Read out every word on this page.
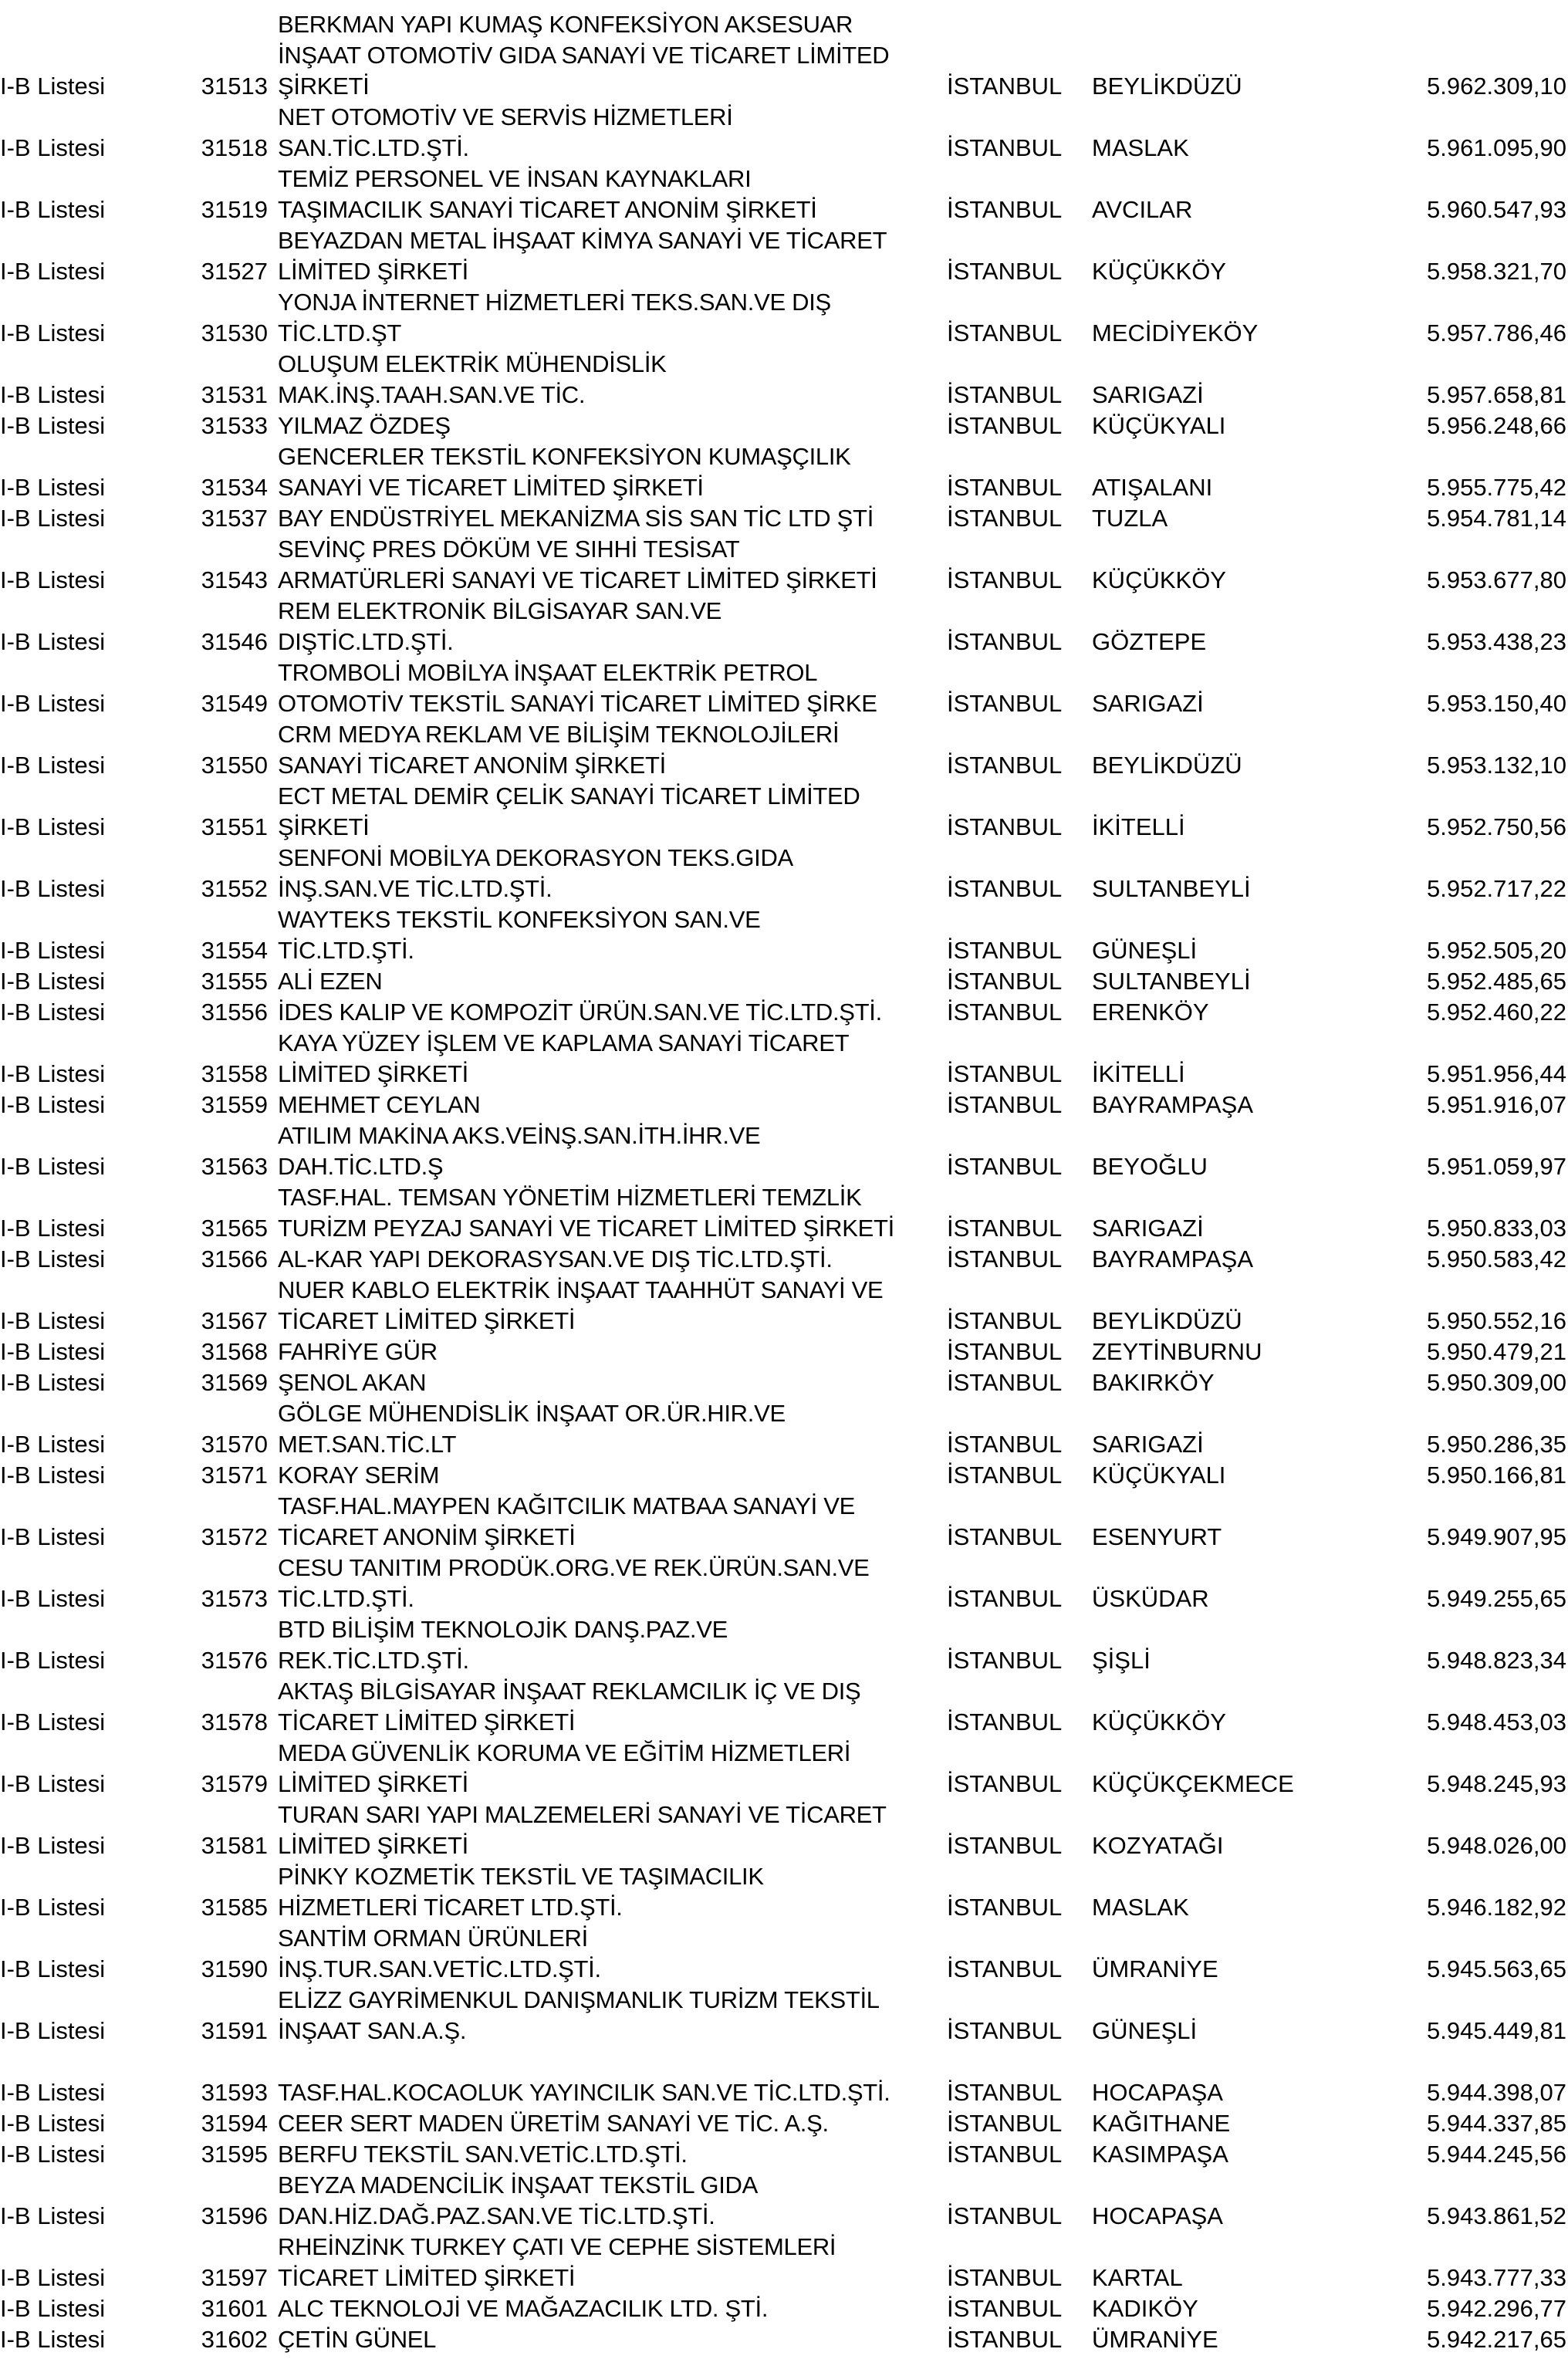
BERKMAN YAPI KUMAŞ KONFEKSİYON AKSESUAR
İNŞAAT OTOMOTİV GIDA SANAYİ VE TİCARET LİMİTED
ŞİRKETİ
I-B Listesi	31513	İSTANBUL BEYLİKDÜZÜ	5.962.309,10
NET OTOMOTİV VE SERVİS HİZMETLERİ
SAN.TİC.LTD.ŞTİ.
I-B Listesi	31518	İSTANBUL MASLAK	5.961.095,90
TEMİZ PERSONEL VE İNSAN KAYNAKLARI
TAŞIMACILIK SANAYİ TİCARET ANONİM ŞİRKETİ
I-B Listesi	31519	İSTANBUL AVCILAR	5.960.547,93
BEYAZDAN METAL İHŞAAT KİMYA SANAYİ VE TİCARET
LİMİTED ŞİRKETİ
I-B Listesi	31527	İSTANBUL KÜÇÜKKÖY	5.958.321,70
YONJA İNTERNET HİZMETLERİ TEKS.SAN.VE DIŞ
TİC.LTD.ŞT
I-B Listesi	31530	İSTANBUL MECİDİYEKÖY	5.957.786,46
OLUŞUM ELEKTRİK MÜHENDİSLİK
MAK.İNŞ.TAAH.SAN.VE TİC.
I-B Listesi	31531	İSTANBUL SARIGAZİ	5.957.658,81
YILMAZ ÖZDEŞ
I-B Listesi	31533	İSTANBUL KÜÇÜKYALI	5.956.248,66
GENCERLER TEKSTİL KONFEKSİYON KUMAŞÇILIK
SANAYİ VE TİCARET LİMİTED ŞİRKETİ
I-B Listesi	31534	İSTANBUL ATIŞALANI	5.955.775,42
BAY ENDÜSTRİYEL MEKANİZMA SİS SAN TİC LTD ŞTİ
I-B Listesi	31537	İSTANBUL TUZLA	5.954.781,14
SEVİNÇ PRES DÖKÜM VE SIHHİ TESİSAT
ARMATÜRLERİ SANAYİ VE TİCARET LİMİTED ŞİRKETİ
I-B Listesi	31543	İSTANBUL KÜÇÜKKÖY	5.953.677,80
REM ELEKTRONİK BİLGİSAYAR SAN.VE
DIŞTİC.LTD.ŞTİ.
I-B Listesi	31546	İSTANBUL GÖZTEPE	5.953.438,23
TROMBOLİ MOBİLYA İNŞAAT ELEKTRİK PETROL
OTOMOTİV TEKSTİL SANAYİ TİCARET LİMİTED ŞİRKE
I-B Listesi	31549	İSTANBUL SARIGAZİ	5.953.150,40
CRM MEDYA REKLAM VE BİLİŞİM TEKNOLOJİLERİ
SANAYİ TİCARET ANONİM ŞİRKETİ
I-B Listesi	31550	İSTANBUL BEYLİKDÜZÜ	5.953.132,10
ECT METAL DEMİR ÇELİK SANAYİ TİCARET LİMİTED
ŞİRKETİ
I-B Listesi	31551	İSTANBUL İKİTELLİ	5.952.750,56
SENFONİ MOBİLYA DEKORASYON TEKS.GIDA
İNŞ.SAN.VE TİC.LTD.ŞTİ.
I-B Listesi	31552	İSTANBUL SULTANBEYLİ	5.952.717,22
WAYTEKS TEKSTİL KONFEKSİYON SAN.VE
TİC.LTD.ŞTİ.
I-B Listesi	31554	İSTANBUL GÜNEŞLİ	5.952.505,20
ALİ EZEN
I-B Listesi	31555	İSTANBUL SULTANBEYLİ	5.952.485,65
İDES KALIP VE KOMPOZİT ÜRÜN.SAN.VE TİC.LTD.ŞTİ.
I-B Listesi	31556	İSTANBUL ERENKÖY	5.952.460,22
KAYA YÜZEY İŞLEM VE KAPLAMA SANAYİ TİCARET
LİMİTED ŞİRKETİ
I-B Listesi	31558	İSTANBUL İKİTELLİ	5.951.956,44
MEHMET CEYLAN
I-B Listesi	31559	İSTANBUL BAYRAMPAŞA	5.951.916,07
ATILIM MAKİNA AKS.VEİNŞ.SAN.İTH.İHR.VE
DAH.TİC.LTD.Ş
I-B Listesi	31563	İSTANBUL BEYOĞLU	5.951.059,97
TASF.HAL. TEMSAN YÖNETİM HİZMETLERİ TEMZLİK
TURİZM PEYZAJ SANAYİ VE TİCARET LİMİTED ŞİRKETİ
I-B Listesi	31565	İSTANBUL SARIGAZİ	5.950.833,03
AL-KAR YAPI DEKORASYSAN.VE DIŞ TİC.LTD.ŞTİ.
I-B Listesi	31566	İSTANBUL BAYRAMPAŞA	5.950.583,42
NUER KABLO ELEKTRİK İNŞAAT TAAHHÜT SANAYİ VE
TİCARET LİMİTED ŞİRKETİ
I-B Listesi	31567	İSTANBUL BEYLİKDÜZÜ	5.950.552,16
FAHRİYE GÜR
I-B Listesi	31568	İSTANBUL ZEYTİNBURNU	5.950.479,21
ŞENOL AKAN
I-B Listesi	31569	İSTANBUL BAKIRKÖY	5.950.309,00
GÖLGE MÜHENDİSLİK İNŞAAT OR.ÜR.HIR.VE
MET.SAN.TİC.LT
I-B Listesi	31570	İSTANBUL SARIGAZİ	5.950.286,35
KORAY SERİM
I-B Listesi	31571	İSTANBUL KÜÇÜKYALI	5.950.166,81
TASF.HAL.MAYPEN KAĞITCILIK MATBAA SANAYİ VE
TİCARET ANONİM ŞİRKETİ
I-B Listesi	31572	İSTANBUL ESENYURT	5.949.907,95
CESU TANITIM PRODÜK.ORG.VE REK.ÜRÜN.SAN.VE
TİC.LTD.ŞTİ.
I-B Listesi	31573	İSTANBUL ÜSKÜDAR	5.949.255,65
BTD BİLİŞİM TEKNOLOJİK DANŞ.PAZ.VE
REK.TİC.LTD.ŞTİ.
I-B Listesi	31576	İSTANBUL ŞİŞLİ	5.948.823,34
AKTAŞ BİLGİSAYAR İNŞAAT REKLAMCILIK İÇ VE DIŞ
TİCARET LİMİTED ŞİRKETİ
I-B Listesi	31578	İSTANBUL KÜÇÜKKÖY	5.948.453,03
MEDA GÜVENLİK KORUMA VE EĞİTİM HİZMETLERİ
LİMİTED ŞİRKETİ
I-B Listesi	31579	İSTANBUL KÜÇÜKÇEKMECE	5.948.245,93
TURAN SARI YAPI MALZEMELERİ SANAYİ VE TİCARET
LİMİTED ŞİRKETİ
I-B Listesi	31581	İSTANBUL KOZYATAĞI	5.948.026,00
PİNKY KOZMETİK TEKSTİL VE TAŞIMACILIK
HİZMETLERİ TİCARET LTD.ŞTİ.
I-B Listesi	31585	İSTANBUL MASLAK	5.946.182,92
SANTİM ORMAN ÜRÜNLERİ
İNŞ.TUR.SAN.VETİC.LTD.ŞTİ.
I-B Listesi	31590	İSTANBUL ÜMRANİYE	5.945.563,65
ELİZZ GAYRİMENKUL DANIŞMANLIK TURİZM TEKSTİL
İNŞAAT SAN.A.Ş.
I-B Listesi	31591	İSTANBUL GÜNEŞLİ	5.945.449,81
TASF.HAL.KOCAOLUK YAYINCILIK SAN.VE TİC.LTD.ŞTİ.
I-B Listesi	31593	İSTANBUL HOCAPAŞA	5.944.398,07
CEER SERT MADEN ÜRETİM SANAYİ VE TİC. A.Ş.
I-B Listesi	31594	İSTANBUL KAĞITHANE	5.944.337,85
BERFU TEKSTİL SAN.VETİC.LTD.ŞTİ.
I-B Listesi	31595	İSTANBUL KASIMPAŞA	5.944.245,56
BEYZA MADENCİLİK İNŞAAT TEKSTİL GIDA
DAN.HİZ.DAĞ.PAZ.SAN.VE TİC.LTD.ŞTİ.
I-B Listesi	31596	İSTANBUL HOCAPAŞA	5.943.861,52
RHEİNZİNK TURKEY ÇATI VE CEPHE SİSTEMLERİ
TİCARET LİMİTED ŞİRKETİ
I-B Listesi	31597	İSTANBUL KARTAL	5.943.777,33
ALC TEKNOLOJİ VE MAĞAZACILIK LTD. ŞTİ.
I-B Listesi	31601	İSTANBUL KADIKÖY	5.942.296,77
ÇETİN GÜNEL
I-B Listesi	31602	İSTANBUL ÜMRANİYE	5.942.217,65
